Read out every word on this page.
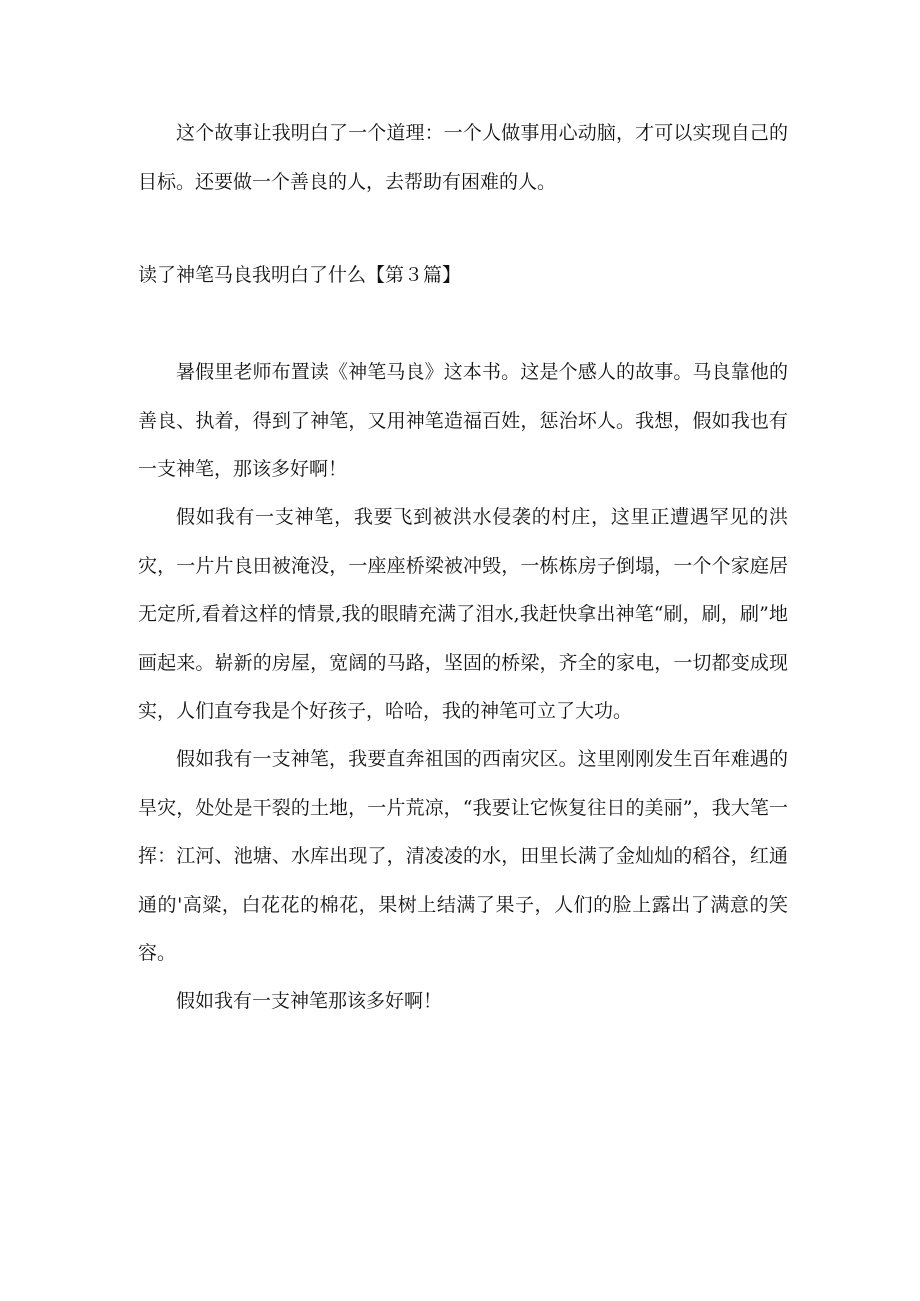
这个故事让我明白了一个道理：一个人做事用心动脑，才可以实现自己的目标。还要做一个善良的人，去帮助有困难的人。

读了神笔马良我明白了什么【第３篇】

暑假里老师布置读《神笔马良》这本书。这是个感人的故事。马良靠他的善良、执着，得到了神笔，又用神笔造福百姓，惩治坏人。我想，假如我也有一支神笔，那该多好啊！

假如我有一支神笔，我要飞到被洪水侵袭的村庄，这里正遭遇罕见的洪灾，一片片良田被淹没，一座座桥梁被冲毁，一栋栋房子倒塌，一个个家庭居无定所,看着这样的情景,我的眼睛充满了泪水,我赶快拿出神笔“刷，刷，刷”地画起来。崭新的房屋，宽阔的马路，坚固的桥梁，齐全的家电，一切都变成现实，人们直夸我是个好孩子，哈哈，我的神笔可立了大功。

假如我有一支神笔，我要直奔祖国的西南灾区。这里刚刚发生百年难遇的旱灾，处处是干裂的土地，一片荒凉，“我要让它恢复往日的美丽”，我大笔一挥：江河、池塘、水库出现了，清凌凌的水，田里长满了金灿灿的稻谷，红通通的'高粱，白花花的棉花，果树上结满了果子，人们的脸上露出了满意的笑容。

假如我有一支神笔那该多好啊！
